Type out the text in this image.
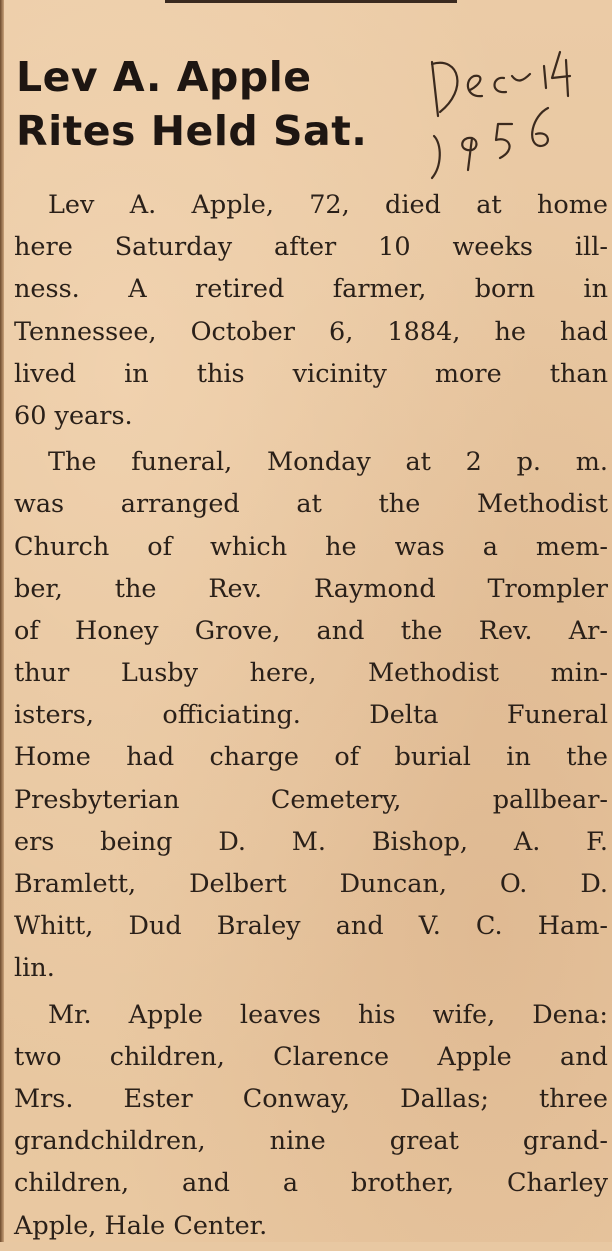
Lev A. Apple
Rites Held Sat.

Lev A. Apple, 72, died at home
here Saturday after 10 weeks ill-
ness. A retired farmer, born in
Tennessee, October 6, 1884, he had
lived in this vicinity more than
60 years.

The funeral, Monday at 2 p. m.
was arranged at the Methodist
Church of which he was a mem-
ber, the Rev. Raymond Trompler
of Honey Grove, and the Rev. Ar-
thur Lusby here, Methodist min-
isters, officiating. Delta Funeral
Home had charge of burial in the
Presbyterian Cemetery, pallbear-
ers being D. M. Bishop, A. F.
Bramlett, Delbert Duncan, O. D.
Whitt, Dud Braley and V. C. Ham-
lin.

Mr. Apple leaves his wife, Dena:
two children, Clarence Apple and
Mrs. Ester Conway, Dallas; three
grandchildren, nine great grand-
children, and a brother, Charley
Apple, Hale Center.
